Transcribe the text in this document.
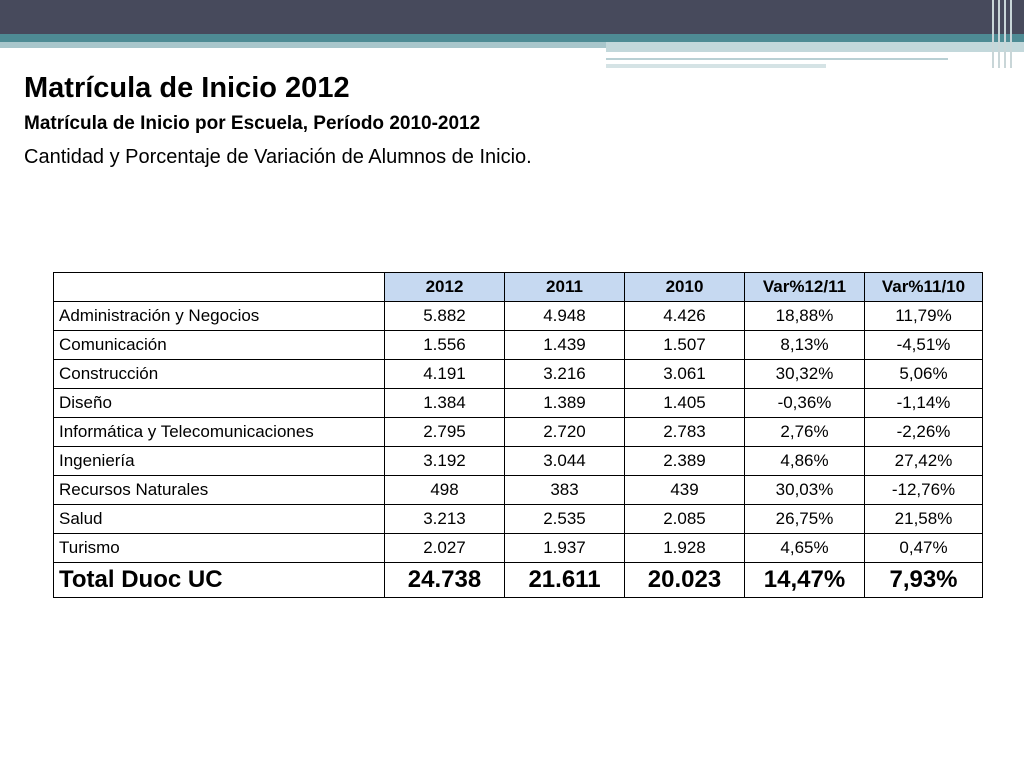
Matrícula de Inicio 2012

Matrícula de Inicio por Escuela, Período 2010-2012

Cantidad y Porcentaje de Variación de Alumnos de Inicio.

	2012	2011	2010	Var%12/11	Var%11/10
Administración y Negocios	5.882	4.948	4.426	18,88%	11,79%
Comunicación	1.556	1.439	1.507	8,13%	-4,51%
Construcción	4.191	3.216	3.061	30,32%	5,06%
Diseño	1.384	1.389	1.405	-0,36%	-1,14%
Informática y Telecomunicaciones	2.795	2.720	2.783	2,76%	-2,26%
Ingeniería	3.192	3.044	2.389	4,86%	27,42%
Recursos Naturales	498	383	439	30,03%	-12,76%
Salud	3.213	2.535	2.085	26,75%	21,58%
Turismo	2.027	1.937	1.928	4,65%	0,47%
Total Duoc UC	24.738	21.611	20.023	14,47%	7,93%
